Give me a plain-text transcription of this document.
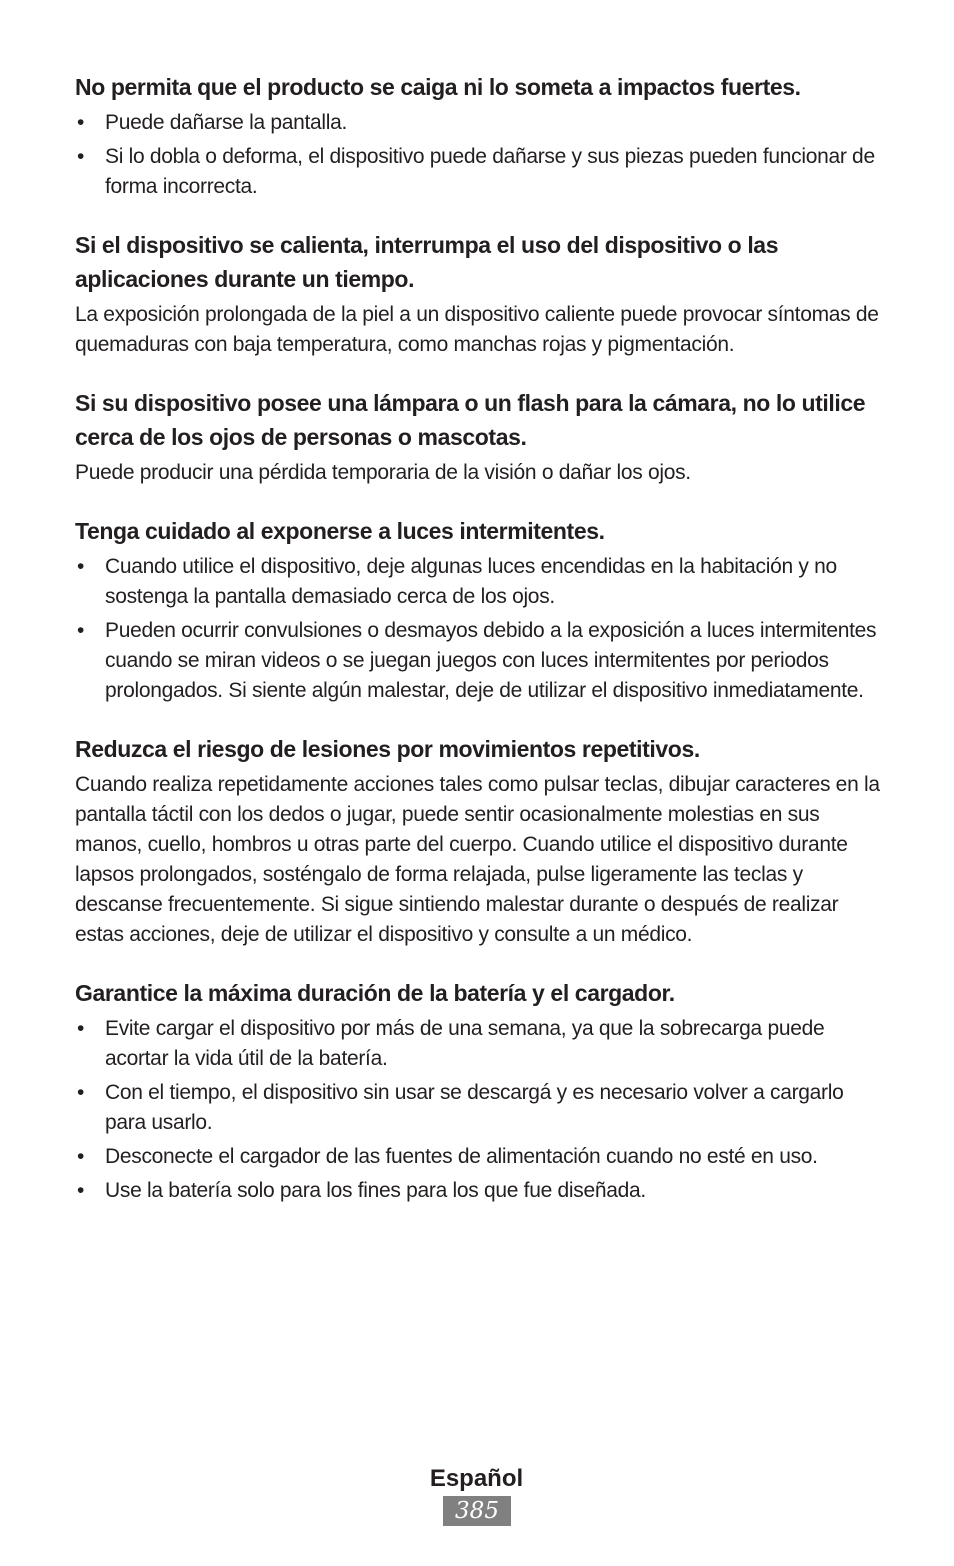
No permita que el producto se caiga ni lo someta a impactos fuertes.
• Puede dañarse la pantalla.
• Si lo dobla o deforma, el dispositivo puede dañarse y sus piezas pueden funcionar de forma incorrecta.
Si el dispositivo se calienta, interrumpa el uso del dispositivo o las aplicaciones durante un tiempo.

La exposición prolongada de la piel a un dispositivo caliente puede provocar síntomas de quemaduras con baja temperatura, como manchas rojas y pigmentación.

Si su dispositivo posee una lámpara o un flash para la cámara, no lo utilice cerca de los ojos de personas o mascotas.

Puede producir una pérdida temporaria de la visión o dañar los ojos.

Tenga cuidado al exponerse a luces intermitentes.
• Cuando utilice el dispositivo, deje algunas luces encendidas en la habitación y no sostenga la pantalla demasiado cerca de los ojos.
• Pueden ocurrir convulsiones o desmayos debido a la exposición a luces intermitentes cuando se miran videos o se juegan juegos con luces intermitentes por periodos prolongados. Si siente algún malestar, deje de utilizar el dispositivo inmediatamente.
Reduzca el riesgo de lesiones por movimientos repetitivos.

Cuando realiza repetidamente acciones tales como pulsar teclas, dibujar caracteres en la pantalla táctil con los dedos o jugar, puede sentir ocasionalmente molestias en sus manos, cuello, hombros u otras parte del cuerpo. Cuando utilice el dispositivo durante lapsos prolongados, sosténgalo de forma relajada, pulse ligeramente las teclas y descanse frecuentemente. Si sigue sintiendo malestar durante o después de realizar estas acciones, deje de utilizar el dispositivo y consulte a un médico.

Garantice la máxima duración de la batería y el cargador.
• Evite cargar el dispositivo por más de una semana, ya que la sobrecarga puede acortar la vida útil de la batería.
• Con el tiempo, el dispositivo sin usar se descargá y es necesario volver a cargarlo para usarlo.
• Desconecte el cargador de las fuentes de alimentación cuando no esté en uso.
• Use la batería solo para los fines para los que fue diseñada.
Español
385
